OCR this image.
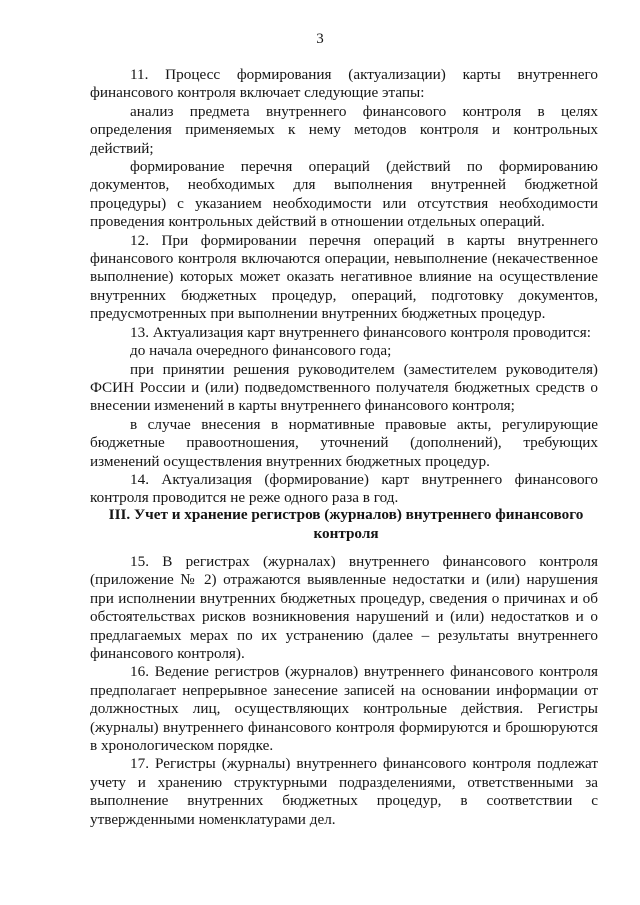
3

11. Процесс формирования (актуализации) карты внутреннего финансового контроля включает следующие этапы:

анализ предмета внутреннего финансового контроля в целях определения применяемых к нему методов контроля и контрольных действий;

формирование перечня операций (действий по формированию документов, необходимых для выполнения внутренней бюджетной процедуры) с указанием необходимости или отсутствия необходимости проведения контрольных действий в отношении отдельных операций.

12. При формировании перечня операций в карты внутреннего финансового контроля включаются операции, невыполнение (некачественное выполнение) которых может оказать негативное влияние на осуществление внутренних бюджетных процедур, операций, подготовку документов, предусмотренных при выполнении внутренних бюджетных процедур.

13. Актуализация карт внутреннего финансового контроля проводится:

до начала очередного финансового года;

при принятии решения руководителем (заместителем руководителя) ФСИН России и (или) подведомственного получателя бюджетных средств о внесении изменений в карты внутреннего финансового контроля;

в случае внесения в нормативные правовые акты, регулирующие бюджетные правоотношения, уточнений (дополнений), требующих изменений осуществления внутренних бюджетных процедур.

14. Актуализация (формирование) карт внутреннего финансового контроля проводится не реже одного раза в год.

III. Учет и хранение регистров (журналов) внутреннего финансового контроля

15. В регистрах (журналах) внутреннего финансового контроля (приложение № 2) отражаются выявленные недостатки и (или) нарушения при исполнении внутренних бюджетных процедур, сведения о причинах и об обстоятельствах рисков возникновения нарушений и (или) недостатков и о предлагаемых мерах по их устранению (далее – результаты внутреннего финансового контроля).

16. Ведение регистров (журналов) внутреннего финансового контроля предполагает непрерывное занесение записей на основании информации от должностных лиц, осуществляющих контрольные действия. Регистры (журналы) внутреннего финансового контроля формируются и брошюруются в хронологическом порядке.

17. Регистры (журналы) внутреннего финансового контроля подлежат учету и хранению структурными подразделениями, ответственными за выполнение внутренних бюджетных процедур, в соответствии с утвержденными номенклатурами дел.
